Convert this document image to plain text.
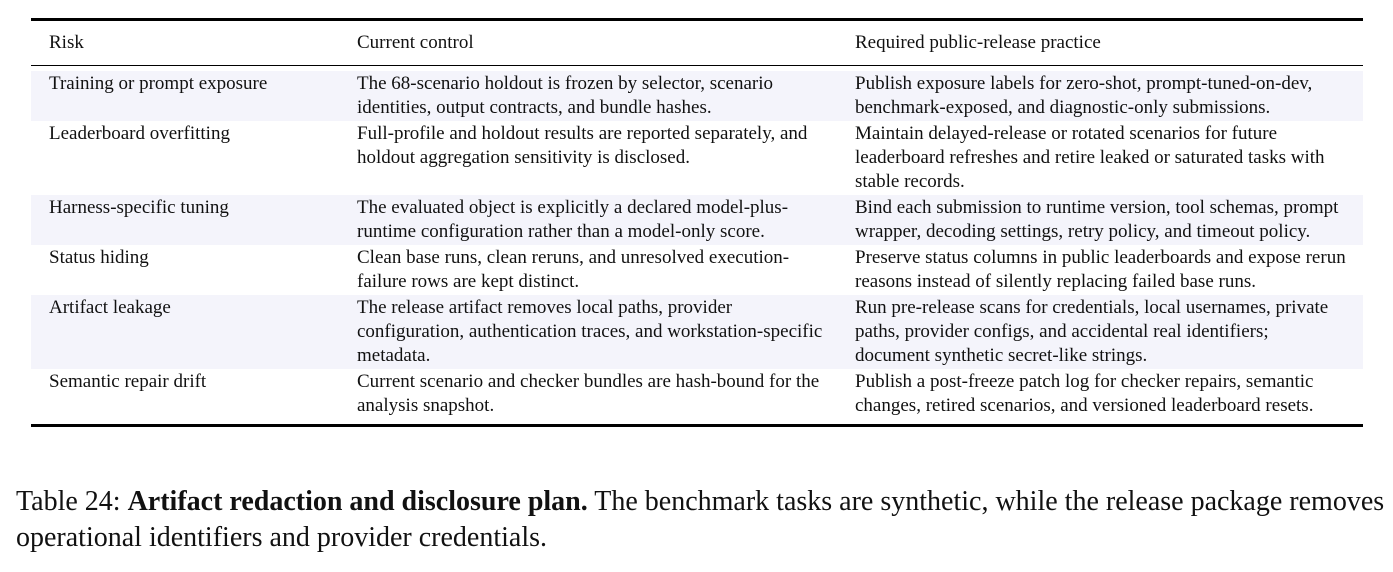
Risk	Current control	Required public-release practice

Training or prompt exposure	The 68-scenario holdout is frozen by selector, scenario identities, output contracts, and bundle hashes.	Publish exposure labels for zero-shot, prompt-tuned-on-dev, benchmark-exposed, and diagnostic-only submissions.
Leaderboard overfitting	Full-profile and holdout results are reported separately, and holdout aggregation sensitivity is disclosed.	Maintain delayed-release or rotated scenarios for future leaderboard refreshes and retire leaked or saturated tasks with stable records.
Harness-specific tuning	The evaluated object is explicitly a declared model-plus-runtime configuration rather than a model-only score.	Bind each submission to runtime version, tool schemas, prompt wrapper, decoding settings, retry policy, and timeout policy.
Status hiding	Clean base runs, clean reruns, and unresolved execution-failure rows are kept distinct.	Preserve status columns in public leaderboards and expose rerun reasons instead of silently replacing failed base runs.
Artifact leakage	The release artifact removes local paths, provider configuration, authentication traces, and workstation-specific metadata.	Run pre-release scans for credentials, local usernames, private paths, provider configs, and accidental real identifiers; document synthetic secret-like strings.
Semantic repair drift	Current scenario and checker bundles are hash-bound for the analysis snapshot.	Publish a post-freeze patch log for checker repairs, semantic changes, retired scenarios, and versioned leaderboard resets.

Table 24: Artifact redaction and disclosure plan. The benchmark tasks are synthetic, while the release package removes operational identifiers and provider credentials.
